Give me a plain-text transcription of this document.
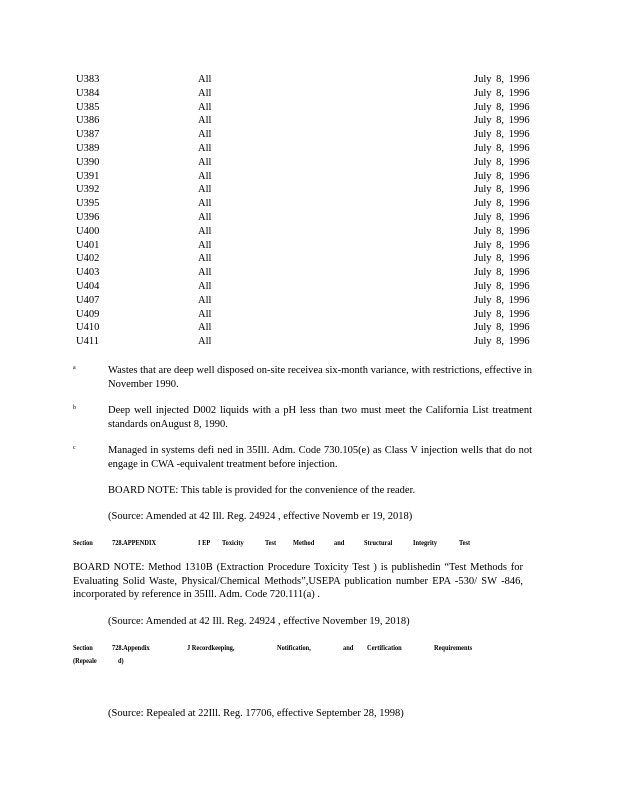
U383	All	July 8, 1996
U384	All	July 8, 1996
U385	All	July 8, 1996
U386	All	July 8, 1996
U387	All	July 8, 1996
U389	All	July 8, 1996
U390	All	July 8, 1996
U391	All	July 8, 1996
U392	All	July 8, 1996
U395	All	July 8, 1996
U396	All	July 8, 1996
U400	All	July 8, 1996
U401	All	July 8, 1996
U402	All	July 8, 1996
U403	All	July 8, 1996
U404	All	July 8, 1996
U407	All	July 8, 1996
U409	All	July 8, 1996
U410	All	July 8, 1996
U411	All	July 8, 1996
a	Wastes that are deep well disposed on-site receivea six-month variance, with restrictions, effective in November 1990.
b	Deep well injected D002 liquids with a pH less than two must meet the California List treatment standards onAugust 8, 1990.
c	Managed in systems defi ned in 35Ill. Adm. Code 730.105(e) as Class V injection wells that do not engage in CWA -equivalent treatment before injection.
BOARD NOTE: This table is provided for the convenience of the reader.
(Source: Amended at 42 Ill. Reg. 24924 , effective Novemb er 19, 2018)
Section	728.APPENDIX	I EP Toxicity	Test Method	and	Structural	Integrity	Test
BOARD NOTE: Method 1310B (Extraction Procedure Toxicity Test ) is publishedin “Test Methods for Evaluating Solid Waste, Physical/Chemical Methods”,USEPA publication number EPA -530/ SW -846, incorporated by reference in 35Ill. Adm. Code 720.111(a) .
(Source: Amended at 42 Ill. Reg. 24924 , effective November 19, 2018)
Section	728.Appendix	J Recordkeeping,	Notification,	and Certification	Requirements
(Repeale	d)
(Source: Repealed at 22Ill. Reg. 17706, effective September 28, 1998)
